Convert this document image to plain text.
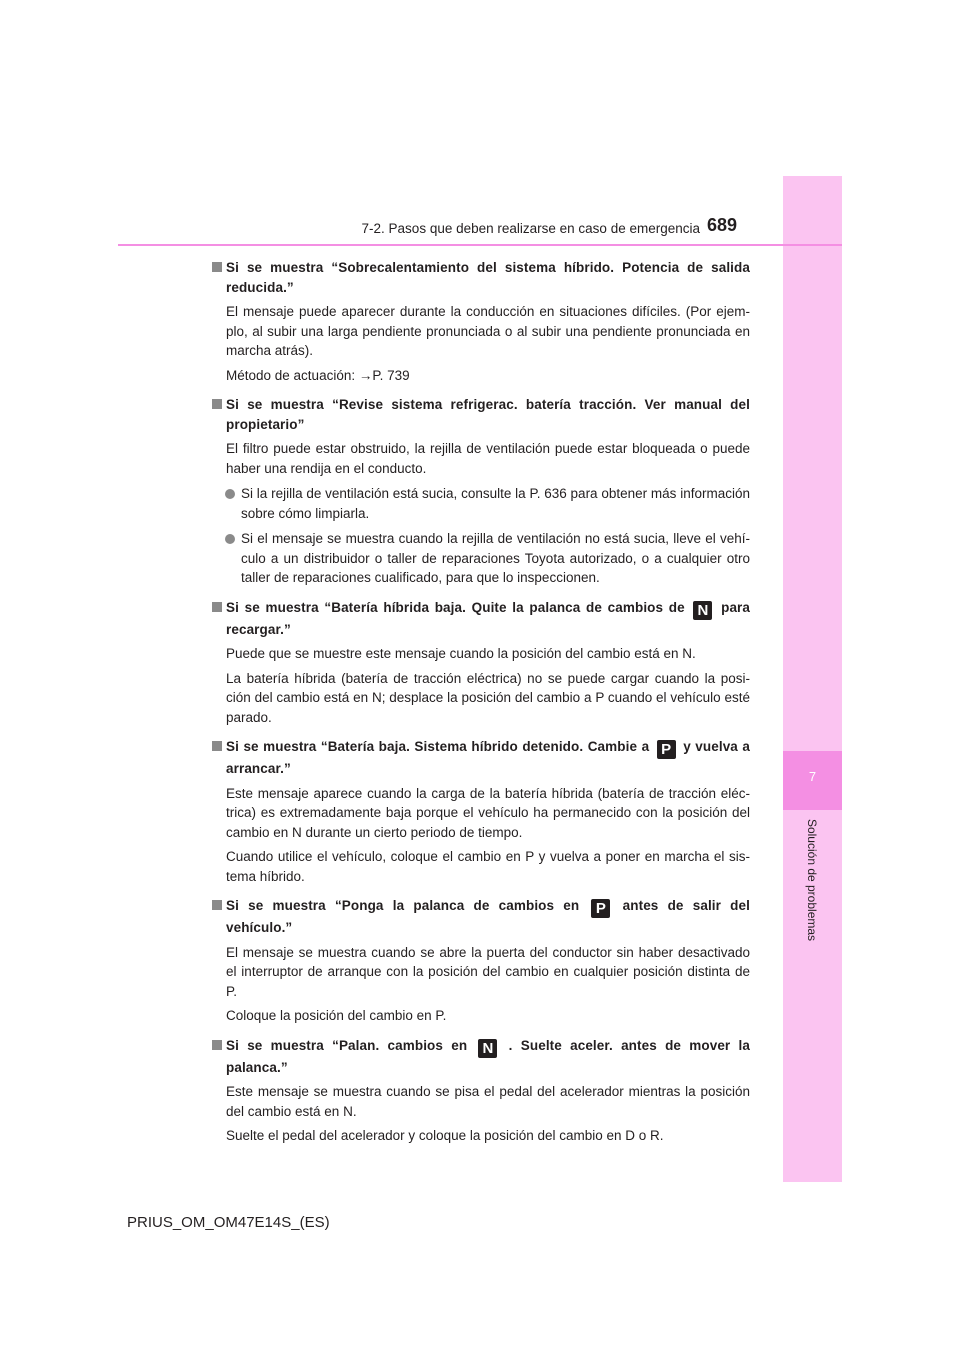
7
Solución de problemas
7-2. Pasos que deben realizarse en caso de emergencia 689
Si se muestra “Sobrecalentamiento del sistema híbrido. Potencia de salida reducida.”
El mensaje puede aparecer durante la conducción en situaciones difíciles. (Por ejem- plo, al subir una larga pendiente pronunciada o al subir una pendiente pronunciada en marcha atrás).
Método de actuación: →P. 739
Si se muestra “Revise sistema refrigerac. batería tracción. Ver manual del propietario”
El filtro puede estar obstruido, la rejilla de ventilación puede estar bloqueada o puede haber una rendija en el conducto.
Si la rejilla de ventilación está sucia, consulte la P. 636 para obtener más información sobre cómo limpiarla.
Si el mensaje se muestra cuando la rejilla de ventilación no está sucia, lleve el vehí- culo a un distribuidor o taller de reparaciones Toyota autorizado, o a cualquier otro taller de reparaciones cualificado, para que lo inspeccionen.
Si se muestra “Batería híbrida baja. Quite la palanca de cambios de N para recargar.”
Puede que se muestre este mensaje cuando la posición del cambio está en N.
La batería híbrida (batería de tracción eléctrica) no se puede cargar cuando la posi- ción del cambio está en N; desplace la posición del cambio a P cuando el vehículo esté parado.
Si se muestra “Batería baja. Sistema híbrido detenido. Cambie a P y vuelva a arrancar.”
Este mensaje aparece cuando la carga de la batería híbrida (batería de tracción eléc- trica) es extremadamente baja porque el vehículo ha permanecido con la posición del cambio en N durante un cierto periodo de tiempo.
Cuando utilice el vehículo, coloque el cambio en P y vuelva a poner en marcha el sis- tema híbrido.
Si se muestra “Ponga la palanca de cambios en P antes de salir del vehículo.”
El mensaje se muestra cuando se abre la puerta del conductor sin haber desactivado el interruptor de arranque con la posición del cambio en cualquier posición distinta de P.
Coloque la posición del cambio en P.
Si se muestra “Palan. cambios en N . Suelte aceler. antes de mover la palanca.”
Este mensaje se muestra cuando se pisa el pedal del acelerador mientras la posición del cambio está en N.
Suelte el pedal del acelerador y coloque la posición del cambio en D o R.
PRIUS_OM_OM47E14S_(ES)
